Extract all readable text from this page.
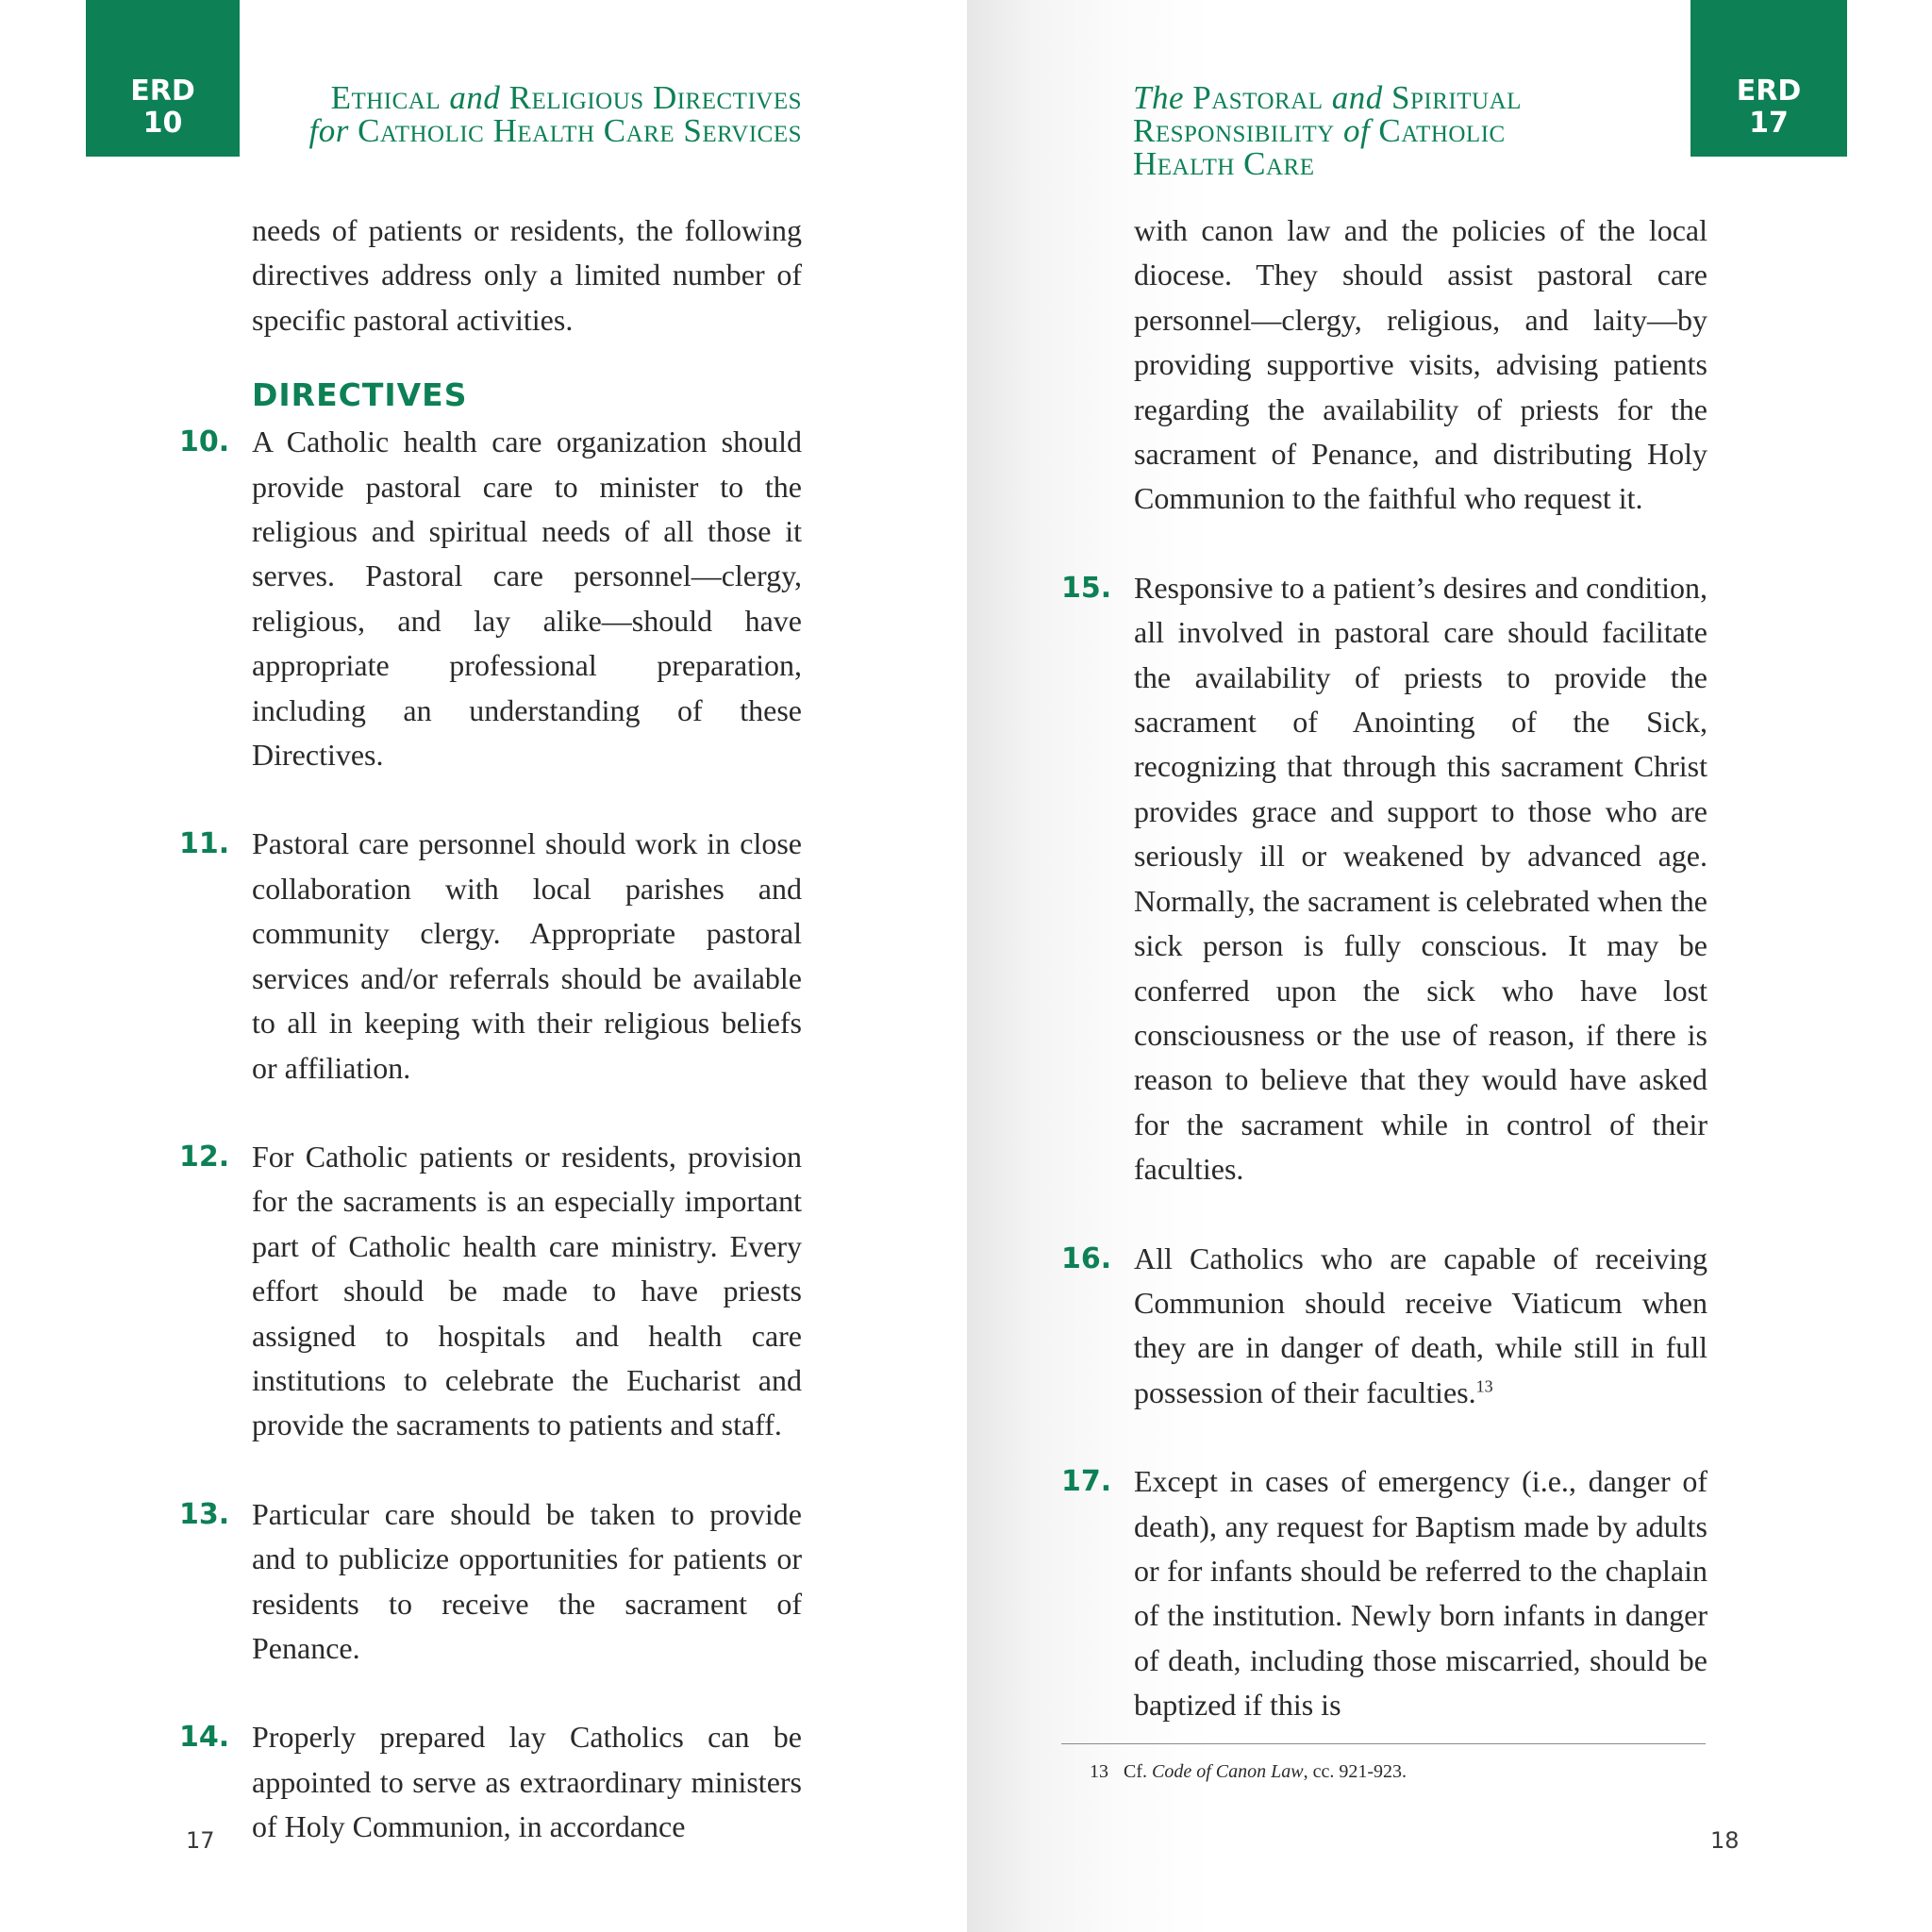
ERD
10
Ethical and Religious Directives
for Catholic Health Care Services

needs of patients or residents, the following directives address only a limited number of specific pastoral activities.

DIRECTIVES
10. A Catholic health care organization should provide pastoral care to minister to the religious and spiritual needs of all those it serves. Pastoral care personnel—clergy, religious, and lay alike—should have appropriate professional preparation, including an understanding of these Directives.

11. Pastoral care personnel should work in close collaboration with local parishes and community clergy. Appropriate pastoral services and/or referrals should be available to all in keeping with their religious beliefs or affiliation.

12. For Catholic patients or residents, provision for the sacraments is an especially important part of Catholic health care ministry. Every effort should be made to have priests assigned to hospitals and health care institutions to celebrate the Eucharist and provide the sacraments to patients and staff.

13. Particular care should be taken to provide and to publicize opportunities for patients or residents to receive the sacrament of Penance.

14. Properly prepared lay Catholics can be appointed to serve as extraordinary ministers of Holy Communion, in accordance

17
ERD
17
The Pastoral and Spiritual
Responsibility of Catholic
Health Care

with canon law and the policies of the local diocese. They should assist pastoral care personnel—clergy, religious, and laity—by providing supportive visits, advising patients regarding the availability of priests for the sacrament of Penance, and distributing Holy Communion to the faithful who request it.

15. Responsive to a patient’s desires and condition, all involved in pastoral care should facilitate the availability of priests to provide the sacrament of Anointing of the Sick, recognizing that through this sacrament Christ provides grace and support to those who are seriously ill or weakened by advanced age. Normally, the sacrament is celebrated when the sick person is fully conscious. It may be conferred upon the sick who have lost consciousness or the use of reason, if there is reason to believe that they would have asked for the sacrament while in control of their faculties.

16. All Catholics who are capable of receiving Communion should receive Viaticum when they are in danger of death, while still in full possession of their faculties.$^{13}$

17. Except in cases of emergency (i.e., danger of death), any request for Baptism made by adults or for infants should be referred to the chaplain of the institution. Newly born infants in danger of death, including those miscarried, should be baptized if this is

13 Cf. Code of Canon Law, cc. 921-923.
18
